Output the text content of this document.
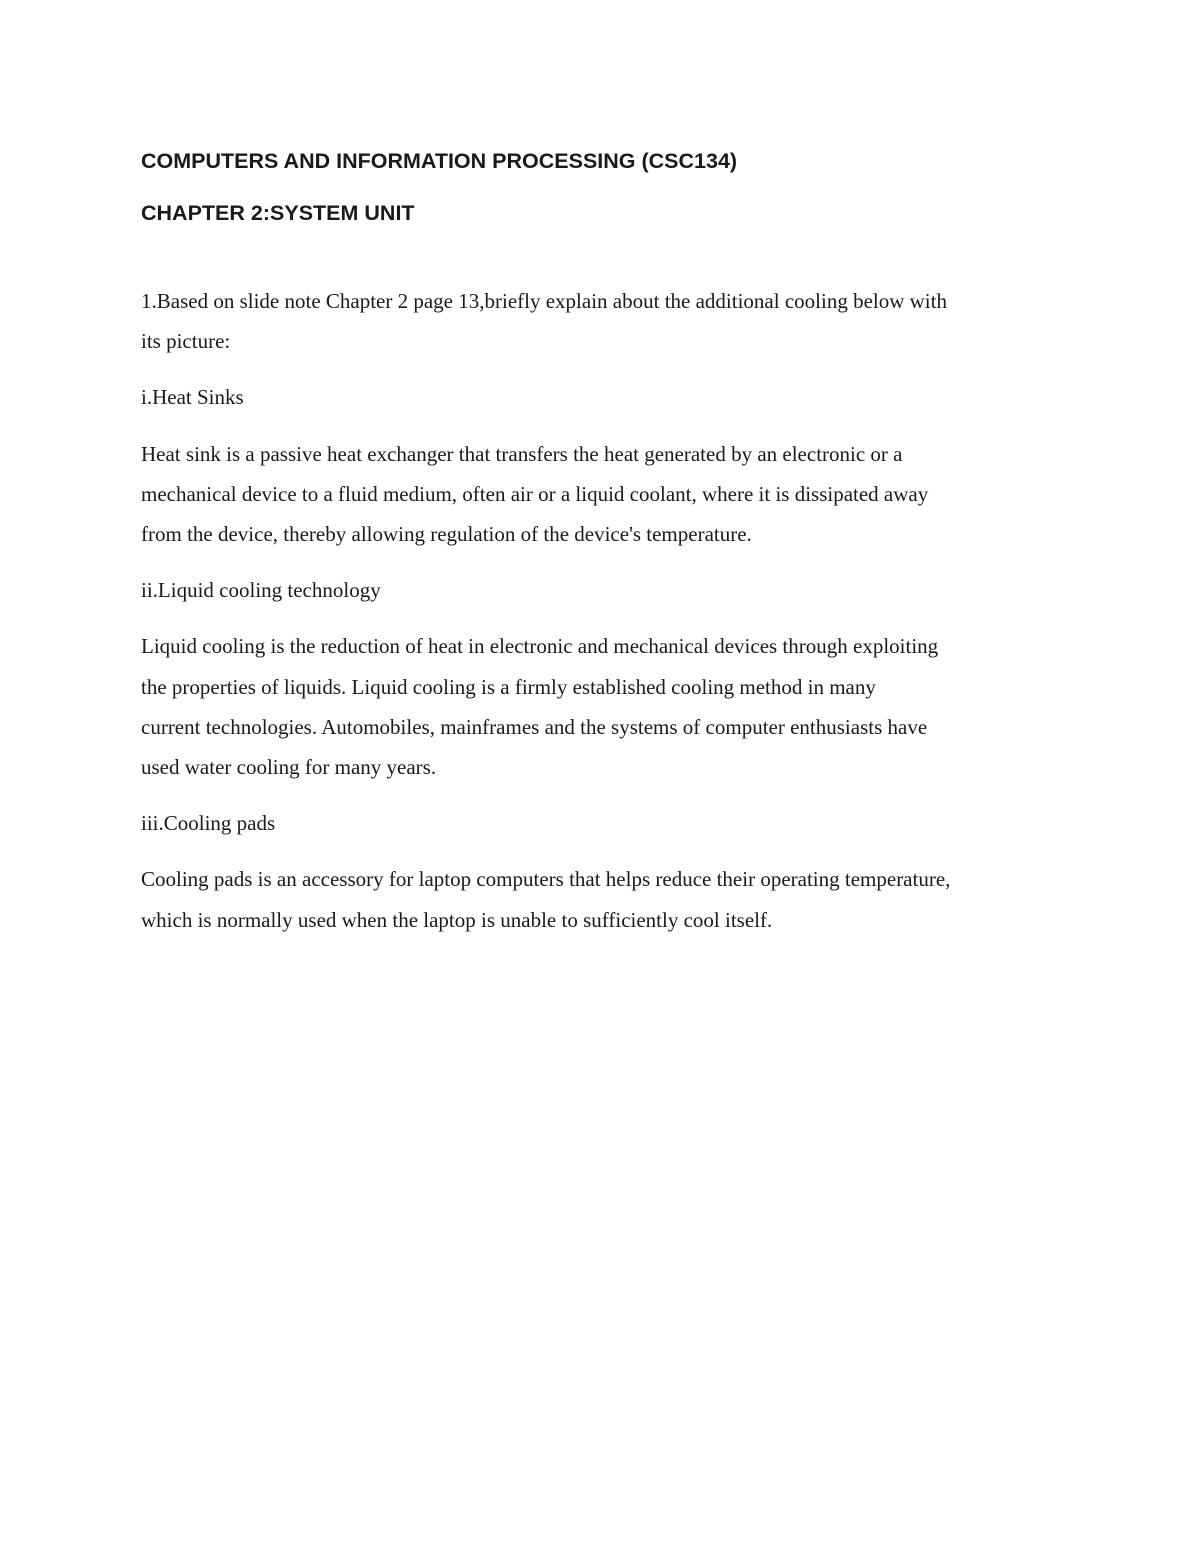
COMPUTERS AND INFORMATION PROCESSING (CSC134)

CHAPTER 2:SYSTEM UNIT

1.Based on slide note Chapter 2 page 13,briefly explain about the additional cooling below with
its picture:

i.Heat Sinks

Heat sink is a passive heat exchanger that transfers the heat generated by an electronic or a
mechanical device to a fluid medium, often air or a liquid coolant, where it is dissipated away
from the device, thereby allowing regulation of the device's temperature.

ii.Liquid cooling technology

Liquid cooling is the reduction of heat in electronic and mechanical devices through exploiting
the properties of liquids. Liquid cooling is a firmly established cooling method in many
current technologies. Automobiles, mainframes and the systems of computer enthusiasts have
used water cooling for many years.

iii.Cooling pads

Cooling pads is an accessory for laptop computers that helps reduce their operating temperature,
which is normally used when the laptop is unable to sufficiently cool itself.
